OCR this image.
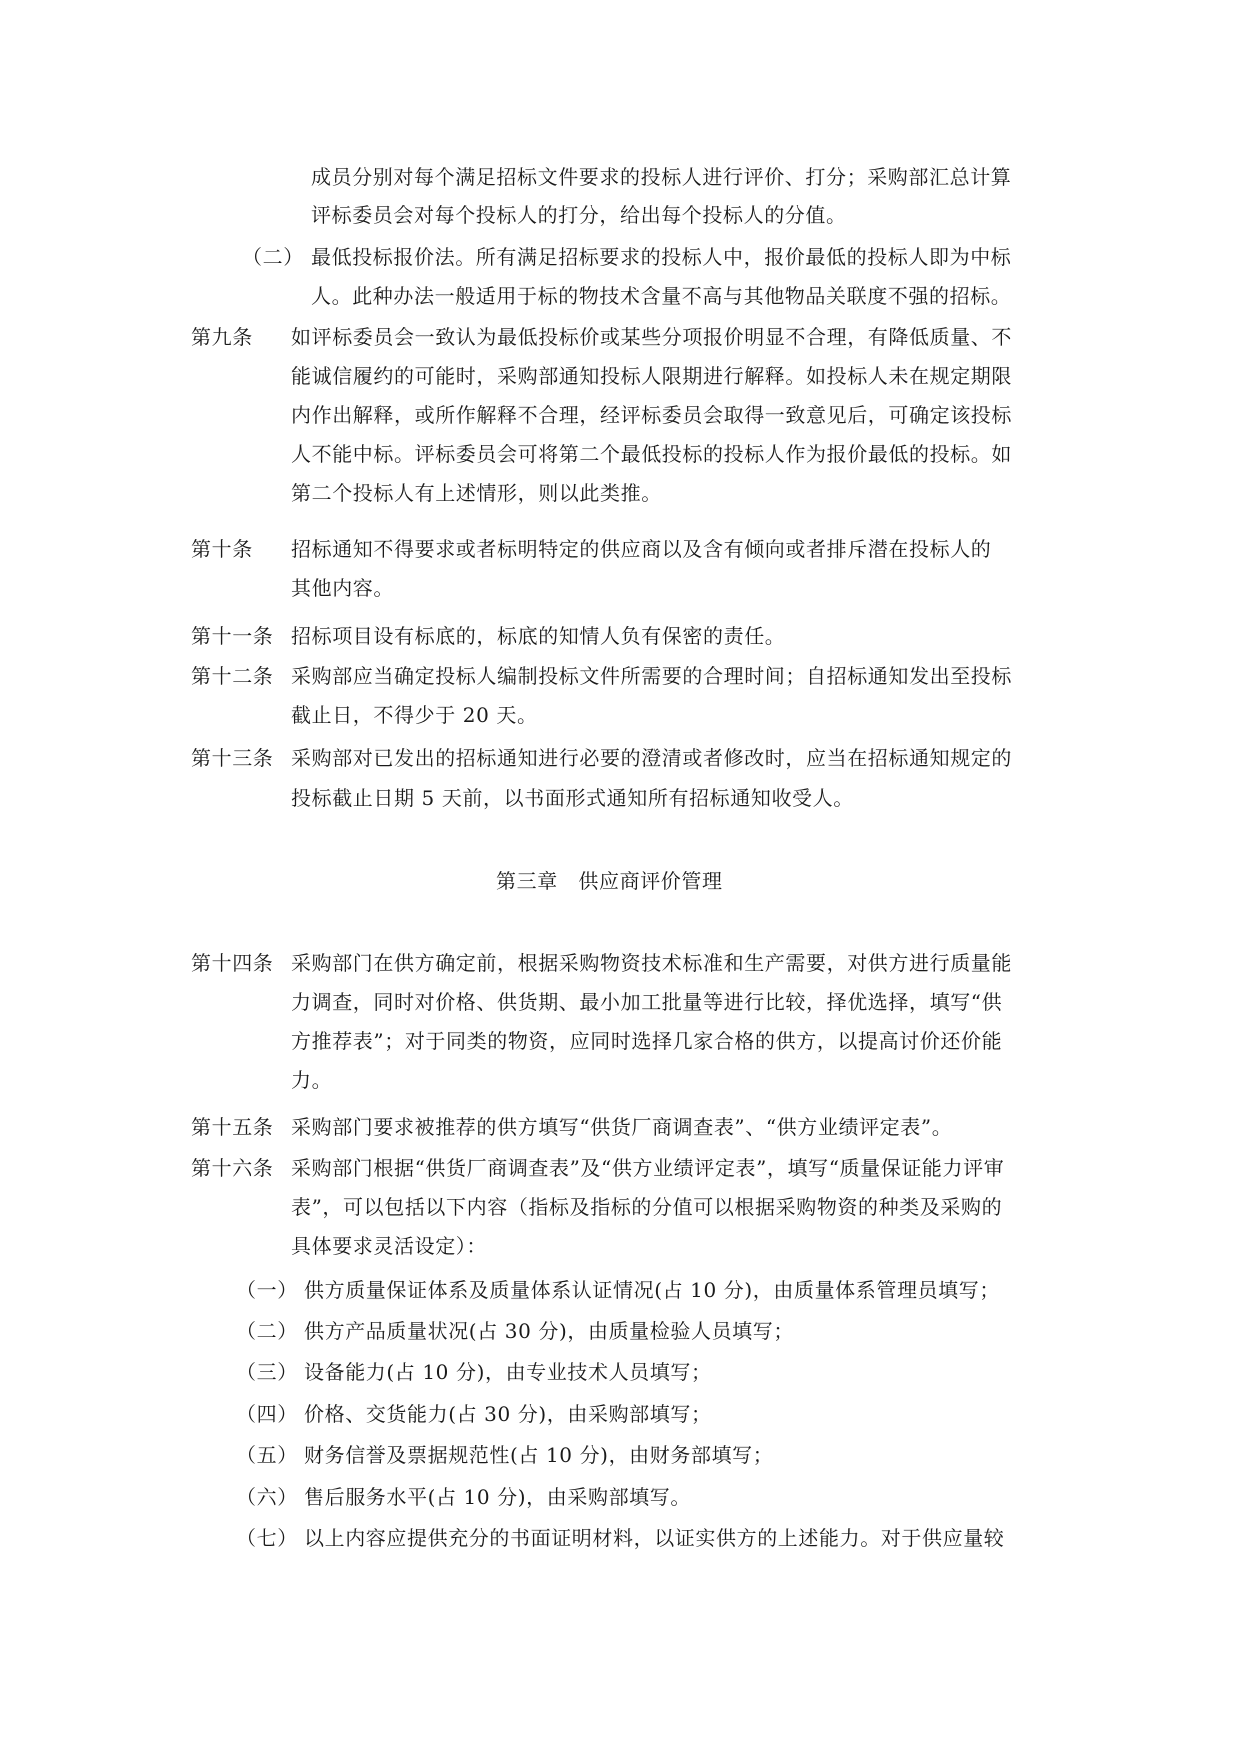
成员分别对每个满足招标文件要求的投标人进行评价、打分；采购部汇总计算
评标委员会对每个投标人的打分，给出每个投标人的分值。
（二） 最低投标报价法。所有满足招标要求的投标人中，报价最低的投标人即为中标
人。此种办法一般适用于标的物技术含量不高与其他物品关联度不强的招标。
第九条 如评标委员会一致认为最低投标价或某些分项报价明显不合理，有降低质量、不
能诚信履约的可能时，采购部通知投标人限期进行解释。如投标人未在规定期限
内作出解释，或所作解释不合理，经评标委员会取得一致意见后，可确定该投标
人不能中标。评标委员会可将第二个最低投标的投标人作为报价最低的投标。如
第二个投标人有上述情形，则以此类推。
第十条 招标通知不得要求或者标明特定的供应商以及含有倾向或者排斥潜在投标人的
其他内容。
第十一条 招标项目设有标底的，标底的知情人负有保密的责任。
第十二条 采购部应当确定投标人编制投标文件所需要的合理时间；自招标通知发出至投标
截止日，不得少于 20 天。
第十三条 采购部对已发出的招标通知进行必要的澄清或者修改时，应当在招标通知规定的
投标截止日期 5 天前，以书面形式通知所有招标通知收受人。
第三章　供应商评价管理
第十四条 采购部门在供方确定前，根据采购物资技术标准和生产需要，对供方进行质量能
力调查，同时对价格、供货期、最小加工批量等进行比较，择优选择，填写“供
方推荐表”；对于同类的物资，应同时选择几家合格的供方，以提高讨价还价能
力。
第十五条 采购部门要求被推荐的供方填写“供货厂商调查表”、“供方业绩评定表”。
第十六条 采购部门根据“供货厂商调查表”及“供方业绩评定表”，填写“质量保证能力评审
表”，可以包括以下内容（指标及指标的分值可以根据采购物资的种类及采购的
具体要求灵活设定）：
（一） 供方质量保证体系及质量体系认证情况(占 10 分)，由质量体系管理员填写；
（二） 供方产品质量状况(占 30 分)，由质量检验人员填写；
（三） 设备能力(占 10 分)，由专业技术人员填写；
（四） 价格、交货能力(占 30 分)，由采购部填写；
（五） 财务信誉及票据规范性(占 10 分)，由财务部填写；
（六） 售后服务水平(占 10 分)，由采购部填写。
（七） 以上内容应提供充分的书面证明材料，以证实供方的上述能力。对于供应量较
